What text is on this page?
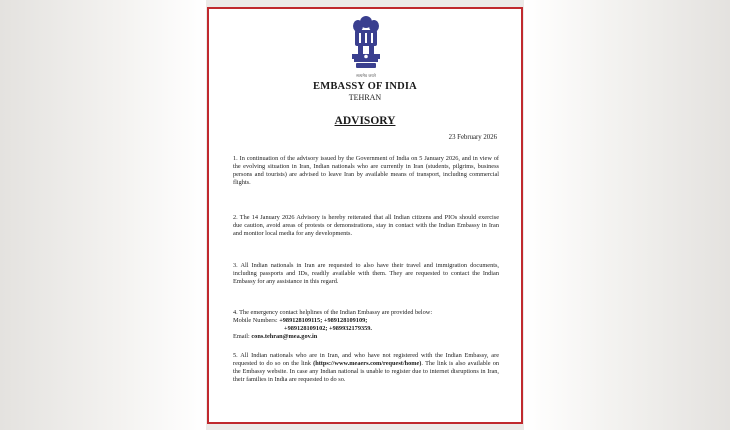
सत्यमेव जयते
EMBASSY OF INDIA
TEHRAN
ADVISORY
23 February 2026
1. In continuation of the advisory issued by the Government of India on 5 January 2026, and in view of the evolving situation in Iran, Indian nationals who are currently in Iran (students, pilgrims, business persons and tourists) are advised to leave Iran by available means of transport, including commercial flights.
2. The 14 January 2026 Advisory is hereby reiterated that all Indian citizens and PIOs should exercise due caution, avoid areas of protests or demonstrations, stay in contact with the Indian Embassy in Iran and monitor local media for any developments.
3. All Indian nationals in Iran are requested to also have their travel and immigration documents, including passports and IDs, readily available with them. They are requested to contact the Indian Embassy for any assistance in this regard.
4. The emergency contact helplines of the Indian Embassy are provided below:
Mobile Numbers: +989128109115; +989128109109;
+989128109102; +989932179359.
Email: cons.tehran@mea.gov.in
5. All Indian nationals who are in Iran, and who have not registered with the Indian Embassy, are requested to do so on the link (https://www.meaers.com/request/home). The link is also available on the Embassy website. In case any Indian national is unable to register due to internet disruptions in Iran, their families in India are requested to do so.
